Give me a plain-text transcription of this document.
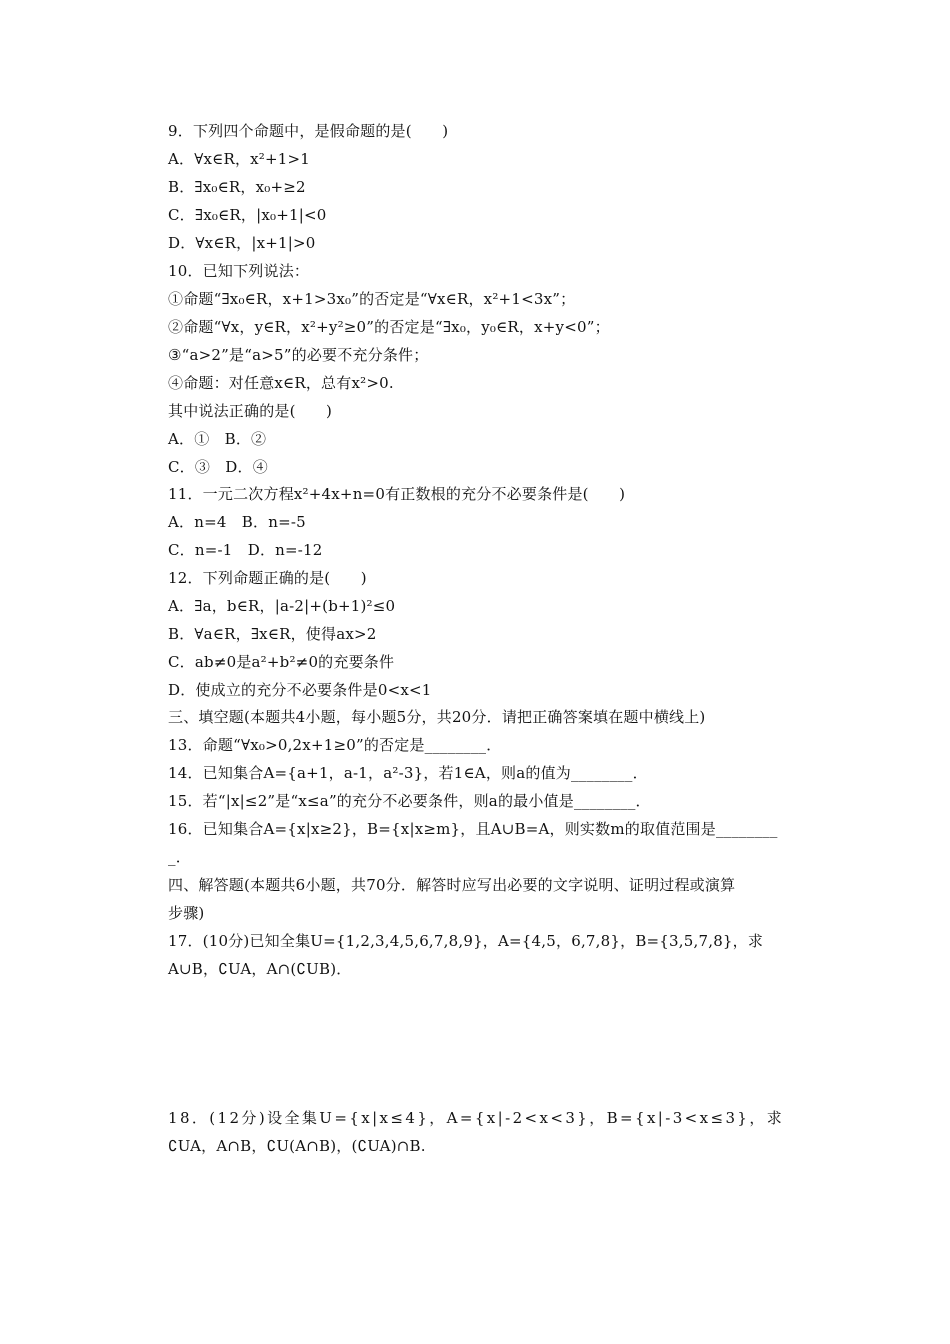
9．下列四个命题中，是假命题的是(　　)
A．∀x∈R，x²+1>1
B．∃x₀∈R，x₀+≥2
C．∃x₀∈R，|x₀+1|<0
D．∀x∈R，|x+1|>0
10．已知下列说法：
①命题“∃x₀∈R，x+1>3x₀”的否定是“∀x∈R，x²+1<3x”；
②命题“∀x，y∈R，x²+y²≥0”的否定是“∃x₀，y₀∈R，x+y<0”；
③“a>2”是“a>5”的必要不充分条件；
④命题：对任意x∈R，总有x²>0.
其中说法正确的是(　　)
A．①　B．②
C．③　D．④
11．一元二次方程x²+4x+n=0有正数根的充分不必要条件是(　　)
A．n=4　B．n=-5
C．n=-1　D．n=-12
12．下列命题正确的是(　　)
A．∃a，b∈R，|a-2|+(b+1)²≤0
B．∀a∈R，∃x∈R，使得ax>2
C．ab≠0是a²+b²≠0的充要条件
D．使成立的充分不必要条件是0<x<1
三、填空题(本题共4小题，每小题5分，共20分．请把正确答案填在题中横线上)
13．命题“∀x₀>0,2x+1≥0”的否定是________．
14．已知集合A={a+1，a-1，a²-3}，若1∈A，则a的值为________．
15．若“|x|≤2”是“x≤a”的充分不必要条件，则a的最小值是________．
16．已知集合A={x|x≥2}，B={x|x≥m}，且A∪B=A，则实数m的取值范围是________
_．
四、解答题(本题共6小题，共70分．解答时应写出必要的文字说明、证明过程或演算
步骤)
17．(10分)已知全集U={1,2,3,4,5,6,7,8,9}，A={4,5，6,7,8}，B={3,5,7,8}，求
A∪B，∁UA，A∩(∁UB)．
18．(12分)设全集U={x|x≤4}，A={x|-2<x<3}，B={x|-3<x≤3}，求
∁UA，A∩B，∁U(A∩B)，(∁UA)∩B.
